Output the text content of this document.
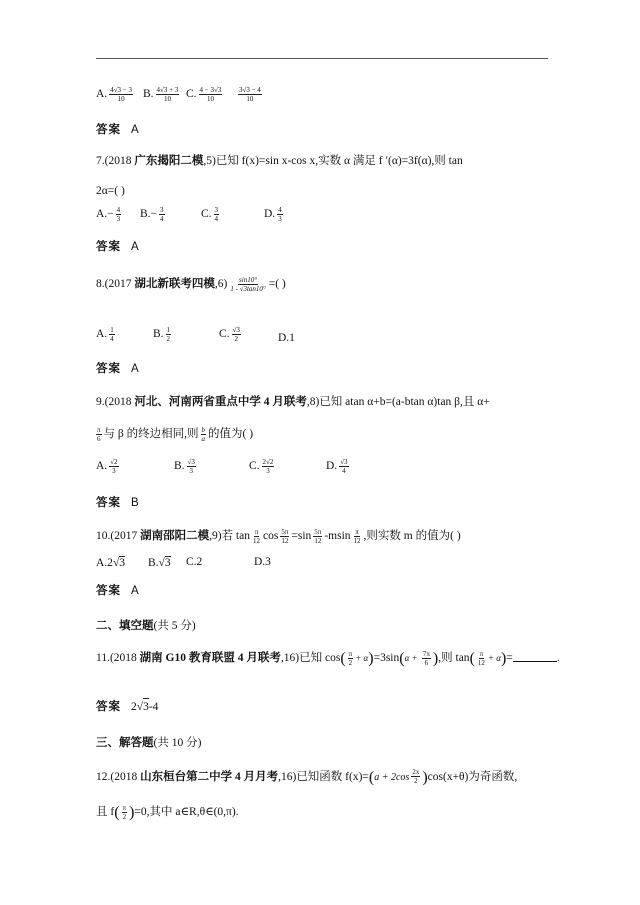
A. $\frac{4√3 - 3}{10} B$. $\frac{4√3 + 3}{10} C$. $\frac{4 - 3√3}{10} \frac{3√3 - 4}{10}$
答案 A
7.(2018 广东揭阳二模,5)已知 f(x)=sin x-cos x,实数 α 满足 f ′(α)=3f(α),则 tan
2α=( )
$A.- \frac{4}{3} B.- \frac{3}{4}$	C. $\frac{3}{4}$	D. $\frac{4}{3}$
答案 A
8.(2017 湖北新联考四模$,6) \frac{\sin 10^\circ}{1 - √3\tan 10^\circ}$ =( )
A. $\frac{1}{4}$	B. $\frac{1}{2}$	C. $\frac{√3}{2}$	D.1
答案 A
9.(2018 河北、河南两省重点中学 4 月联考,8)已知 atan α+b=(a-btan α)tan β,且 α+
$\frac{\pi}{6}$ 与 β 的终边相同,则 $\frac{b}{a}$ 的值为( )
A. $\frac{√2}{3}$	B. $\frac{√3}{3}$	C. $\frac{2√2}{3}$	D. $\frac{√3}{4}$
答案 B
10.(2017 湖南邵阳二模,9)若 $\tan \frac{\pi}{12}$ $\cos \frac{5\pi}{12} =\sin \frac{5\pi}{12} -msin \frac{\pi}{12}$ ,则实数 m 的值为( )
A.2√3 B.√3 C.2	D.3
答案 A
二、填空题(共 5 分)
11.(2018 湖南 G10 教育联盟 4 月联考,16)已知 $\cos( \frac{\pi}{2} + \alpha)=3\sin(\alpha + \frac{7\pi}{6}$ ),则 $\tan( \frac{\pi}{12} + \alpha)=$	.
答案 2√3-4
三、解答题(共 10 分)
12.(2018 山东桓台第二中学 4 月月考,16)已知函数 $f(x)=(a + 2\cos \frac{2x}{2} )\cos(x+\theta)$为奇函数,
且 $f( \frac{\pi}{2} )=0$,其中 a∈R,θ∈(0,π).
